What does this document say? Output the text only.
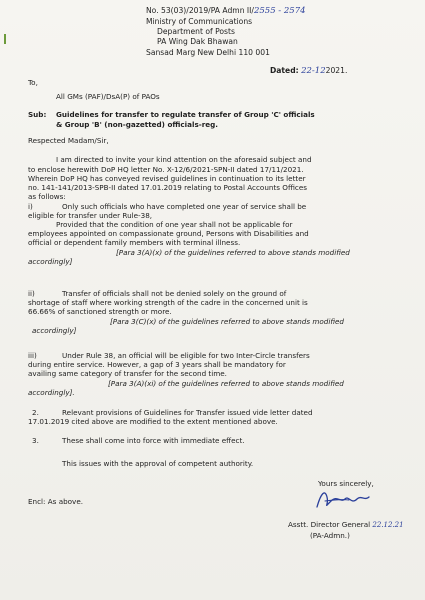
No. 53(03)/2019/PA Admn II/2555 - 2574
Ministry of Communications
Department of Posts
PA Wing Dak Bhawan
Sansad Marg New Delhi 110 001
Dated: 22-122021.
To,
All GMs (PAF)/DsA(P) of PAOs
Sub: Guidelines for transfer to regulate transfer of Group 'C' officials
& Group 'B' (non-gazetted) officials-reg.
Respected Madam/Sir,
I am directed to invite your kind attention on the aforesaid subject and
to enclose herewith DoP HQ letter No. X-12/6/2021-SPN-II dated 17/11/2021.
Wherein DoP HQ has conveyed revised guidelines in continuation to its letter
no. 141-141/2013-SPB-II dated 17.01.2019 relating to Postal Accounts Offices
as follows:
i)	Only such officials who have completed one year of service shall be
eligible for transfer under Rule-38,
Provided that the condition of one year shall not be applicable for
employees appointed on compassionate ground, Persons with Disabilities and
official or dependent family members with terminal illness.
[Para 3(A)(x) of the guidelines referred to above stands modified
accordingly]
ii)	Transfer of officials shall not be denied solely on the ground of
shortage of staff where working strength of the cadre in the concerned unit is
66.66% of sanctioned strength or more.
[Para 3(C)(x) of the guidelines referred to above stands modified
accordingly]
iii)	Under Rule 38, an official will be eligible for two Inter-Circle transfers
during entire service. However, a gap of 3 years shall be mandatory for
availing same category of transfer for the second time.
[Para 3(A)(xi) of the guidelines referred to above stands modified
accordingly].
2.	Relevant provisions of Guidelines for Transfer issued vide letter dated
17.01.2019 cited above are modified to the extent mentioned above.
3.	These shall come into force with immediate effect.
This issues with the approval of competent authority.
Yours sincerely,
Encl: As above.
Asstt. Director General 22.12.21
(PA-Admn.)
